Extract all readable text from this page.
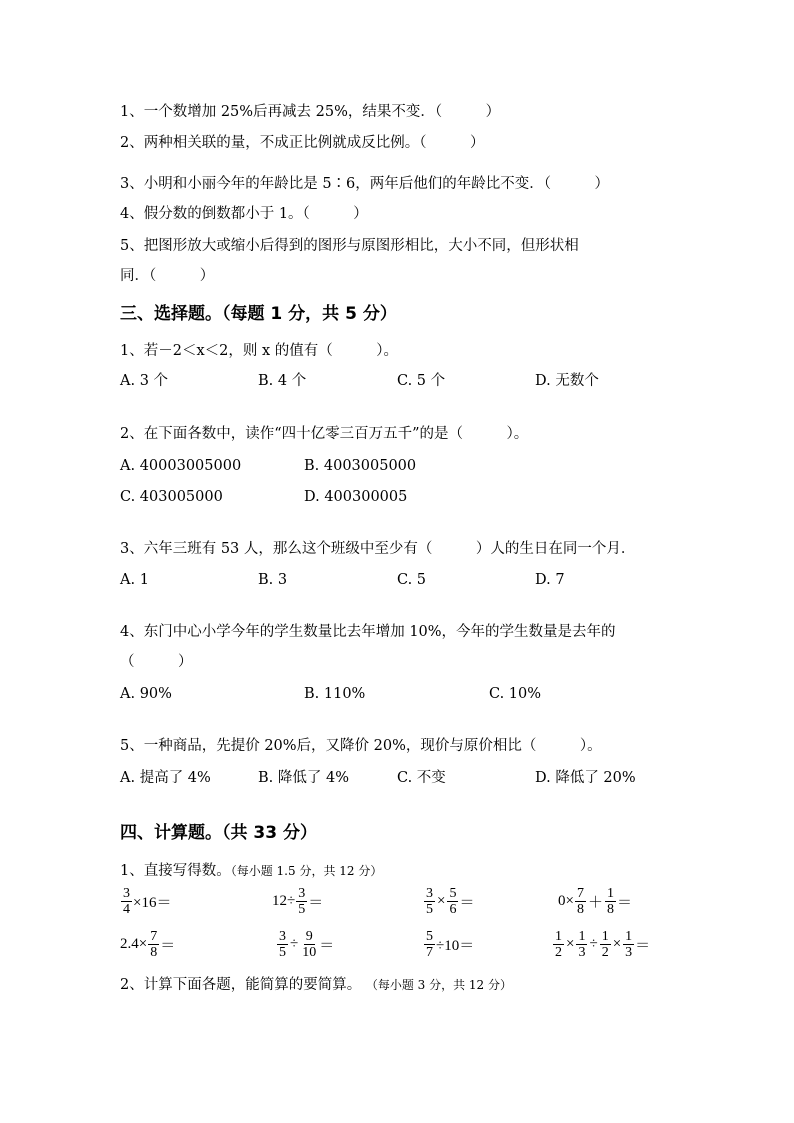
1、一个数增加 25%后再减去 25%，结果不变．（　　　）
2、两种相关联的量，不成正比例就成反比例。（　　　）
3、小明和小丽今年的年龄比是 5∶6，两年后他们的年龄比不变．（　　　）
4、假分数的倒数都小于 1。（　　　）
5、把图形放大或缩小后得到的图形与原图形相比，大小不同，但形状相
同．（　　　）
三、选择题。（每题 1 分，共 5 分）
1、若－2＜x＜2，则 x 的值有（　　　）。
A. 3 个	B. 4 个	C. 5 个	D. 无数个
2、在下面各数中，读作“四十亿零三百万五千”的是（　　　）。
A. 40003005000	B. 4003005000
C. 403005000	D. 400300005
3、六年三班有 53 人，那么这个班级中至少有（　　　）人的生日在同一个月．
A. 1	B. 3	C. 5	D. 7
4、东门中心小学今年的学生数量比去年增加 10%，今年的学生数量是去年的
（　　　）
A. 90%	B. 110%	C. 10%
5、一种商品，先提价 20%后，又降价 20%，现价与原价相比（　　　）。
A. 提高了 4%	B. 降低了 4%	C. 不变	D. 降低了 20%
四、计算题。（共 33 分）
1、直接写得数。（每小题 1.5 分，共 12 分）
$\frac{3}{4} \times 16=$	$12\div \frac{3}{5}$ ＝	$\frac{3}{5} \times \frac{5}{6}$ ＝	$0\times \frac{7}{8} + \frac{1}{8}$ ＝
$2.4\times \frac{7}{8}$ ＝	$\frac{3}{5} \div \frac{9}{10}$ ＝	$\frac{5}{7} \div 10=$	$\frac{1}{2} \times \frac{1}{3} \div \frac{1}{2} \times \frac{1}{3}$ ＝
2、计算下面各题，能简算的要简算。 （每小题 3 分，共 12 分）
